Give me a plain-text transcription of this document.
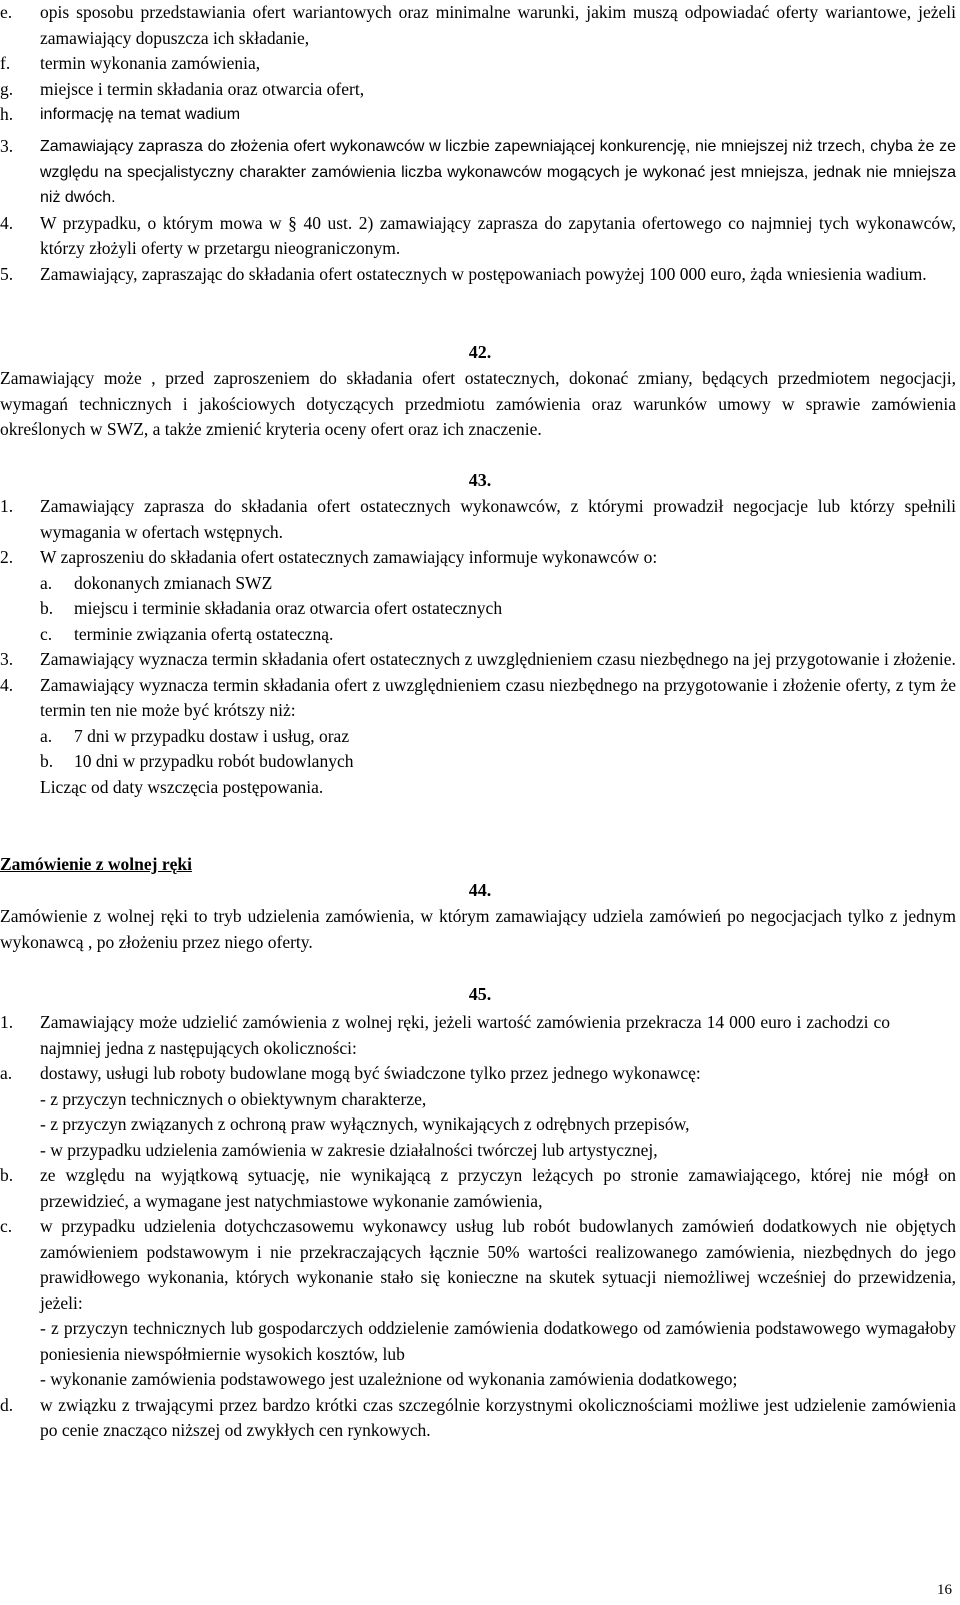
e.	opis sposobu przedstawiania ofert wariantowych oraz minimalne warunki, jakim muszą odpowiadać oferty wariantowe, jeżeli zamawiający dopuszcza ich składanie,
f.	termin wykonania zamówienia,
g.	miejsce i termin składania oraz otwarcia ofert,
h.	informację na temat wadium
3.	Zamawiający zaprasza do złożenia ofert wykonawców w liczbie zapewniającej konkurencję, nie mniejszej niż trzech, chyba że ze względu na specjalistyczny charakter zamówienia liczba wykonawców mogących je wykonać jest mniejsza, jednak nie mniejsza niż dwóch.
4.	W przypadku, o którym mowa w § 40 ust. 2) zamawiający zaprasza do zapytania ofertowego co najmniej tych wykonawców, którzy złożyli oferty w przetargu nieograniczonym.
5.	Zamawiający, zapraszając do składania ofert ostatecznych w postępowaniach powyżej 100 000 euro, żąda wniesienia wadium.
42.
Zamawiający może , przed zaproszeniem do składania ofert ostatecznych, dokonać zmiany, będących przedmiotem negocjacji, wymagań technicznych i jakościowych dotyczących przedmiotu zamówienia oraz warunków umowy w sprawie zamówienia określonych w SWZ, a także zmienić kryteria oceny ofert oraz ich znaczenie.
43.
1.	Zamawiający zaprasza do składania ofert ostatecznych wykonawców, z którymi prowadził negocjacje lub którzy spełnili wymagania w ofertach wstępnych.
2.	W zaproszeniu do składania ofert ostatecznych zamawiający informuje wykonawców o:
a.	dokonanych zmianach SWZ
b.	miejscu i terminie składania oraz otwarcia ofert ostatecznych
c.	terminie związania ofertą ostateczną.
3.	Zamawiający wyznacza termin składania ofert ostatecznych z uwzględnieniem czasu niezbędnego na jej przygotowanie i złożenie.
4.	Zamawiający wyznacza termin składania ofert z uwzględnieniem czasu niezbędnego na przygotowanie i złożenie oferty, z tym że termin ten nie może być krótszy niż:
a.	7 dni w przypadku dostaw i usług, oraz
b.	10 dni w przypadku robót budowlanych
Licząc od daty wszczęcia postępowania.
Zamówienie z wolnej ręki
44.
Zamówienie z wolnej ręki to tryb udzielenia zamówienia, w którym zamawiający udziela zamówień po negocjacjach tylko z jednym wykonawcą , po złożeniu przez niego oferty.
45.
1.	Zamawiający może udzielić zamówienia z wolnej ręki, jeżeli wartość zamówienia przekracza 14 000 euro i zachodzi co najmniej jedna z następujących okoliczności:
a.	dostawy, usługi lub roboty budowlane mogą być świadczone tylko przez jednego wykonawcę:
- z przyczyn technicznych o obiektywnym charakterze,
- z przyczyn związanych z ochroną praw wyłącznych, wynikających z odrębnych przepisów,
- w przypadku udzielenia zamówienia w zakresie działalności twórczej lub artystycznej,
b.	ze względu na wyjątkową sytuację, nie wynikającą z przyczyn leżących po stronie zamawiającego, której nie mógł on przewidzieć, a wymagane jest natychmiastowe wykonanie zamówienia,
c.	w przypadku udzielenia dotychczasowemu wykonawcy usług lub robót budowlanych zamówień dodatkowych nie objętych zamówieniem podstawowym i nie przekraczających łącznie 50% wartości realizowanego zamówienia, niezbędnych do jego prawidłowego wykonania, których wykonanie stało się konieczne na skutek sytuacji niemożliwej wcześniej do przewidzenia, jeżeli:
- z przyczyn technicznych lub gospodarczych oddzielenie zamówienia dodatkowego od zamówienia podstawowego wymagałoby poniesienia niewspółmiernie wysokich kosztów, lub
- wykonanie zamówienia podstawowego jest uzależnione od wykonania zamówienia dodatkowego;
d.	w związku z trwającymi przez bardzo krótki czas szczególnie korzystnymi okolicznościami możliwe jest udzielenie zamówienia po cenie znacząco niższej od zwykłych cen rynkowych.
16
